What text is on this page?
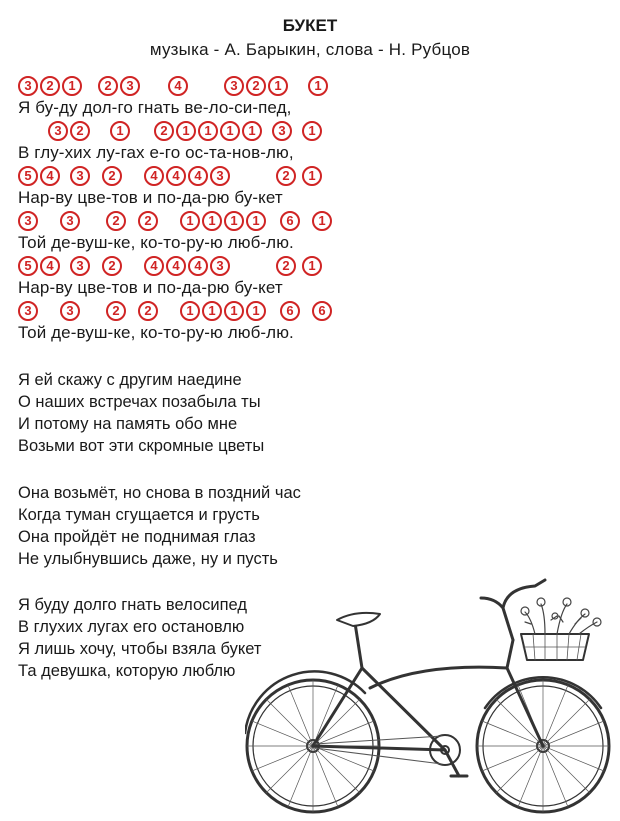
БУКЕТ
музыка - А. Барыкин, слова - Н. Рубцов
3	2	1	2	3	4	3	2	1	1
Я бу-ду дол-го гнать ве-ло-си-пед,
3	2	1	2	1	1	1	1	3	1
В глу-хих лу-гах е-го ос-та-нов-лю,
5	4	3	2	4	4	4	3	2	1
Нар-ву цве-тов и по-да-рю бу-кет
3	3	2	2	1	1	1	1	6	1
Той де-вуш-ке, ко-то-ру-ю люб-лю.
5	4	3	2	4	4	4	3	2	1
Нар-ву цве-тов и по-да-рю бу-кет
3	3	2	2	1	1	1	1	6	6
Той де-вуш-ке, ко-то-ру-ю люб-лю.
Я ей скажу с другим наедине
О наших встречах позабыла ты
И потому на память обо мне
Возьми вот эти скромные цветы
Она возьмёт, но снова в поздний час
Когда туман сгущается и грусть
Она пройдёт не поднимая глаз
Не улыбнувшись даже, ну и пусть
Я буду долго гнать велосипед
В глухих лугах его остановлю
Я лишь хочу, чтобы взяла букет
Та девушка, которую люблю
